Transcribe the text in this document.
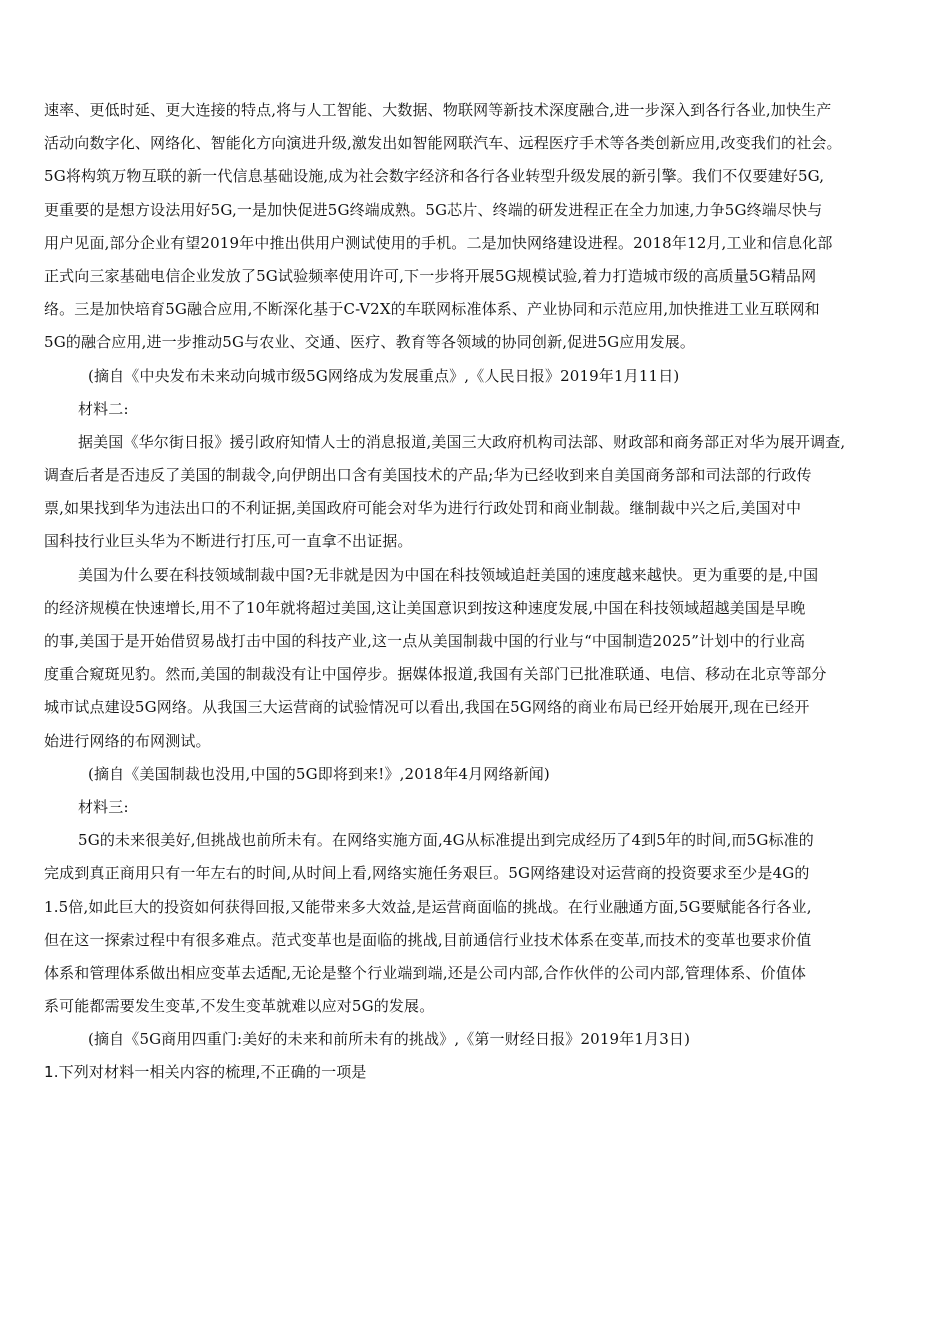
速率、更低时延、更大连接的特点,将与人工智能、大数据、物联网等新技术深度融合,进一步深入到各行各业,加快生产
活动向数字化、网络化、智能化方向演进升级,激发出如智能网联汽车、远程医疗手术等各类创新应用,改变我们的社会。
5G将构筑万物互联的新一代信息基础设施,成为社会数字经济和各行各业转型升级发展的新引擎。我们不仅要建好5G,
更重要的是想方设法用好5G,一是加快促进5G终端成熟。5G芯片、终端的研发进程正在全力加速,力争5G终端尽快与
用户见面,部分企业有望2019年中推出供用户测试使用的手机。二是加快网络建设进程。2018年12月,工业和信息化部
正式向三家基础电信企业发放了5G试验频率使用许可,下一步将开展5G规模试验,着力打造城市级的高质量5G精品网
络。三是加快培育5G融合应用,不断深化基于C-V2X的车联网标准体系、产业协同和示范应用,加快推进工业互联网和
5G的融合应用,进一步推动5G与农业、交通、医疗、教育等各领域的协同创新,促进5G应用发展。
(摘自《中央发布未来动向城市级5G网络成为发展重点》,《人民日报》2019年1月11日)
材料二:
据美国《华尔街日报》援引政府知情人士的消息报道,美国三大政府机构司法部、财政部和商务部正对华为展开调查,
调查后者是否违反了美国的制裁令,向伊朗出口含有美国技术的产品;华为已经收到来自美国商务部和司法部的行政传
票,如果找到华为违法出口的不利证据,美国政府可能会对华为进行行政处罚和商业制裁。继制裁中兴之后,美国对中
国科技行业巨头华为不断进行打压,可一直拿不出证据。
美国为什么要在科技领域制裁中国?无非就是因为中国在科技领域追赶美国的速度越来越快。更为重要的是,中国
的经济规模在快速增长,用不了10年就将超过美国,这让美国意识到按这种速度发展,中国在科技领域超越美国是早晚
的事,美国于是开始借贸易战打击中国的科技产业,这一点从美国制裁中国的行业与“中国制造2025”计划中的行业高
度重合窥斑见豹。然而,美国的制裁没有让中国停步。据媒体报道,我国有关部门已批准联通、电信、移动在北京等部分
城市试点建设5G网络。从我国三大运营商的试验情况可以看出,我国在5G网络的商业布局已经开始展开,现在已经开
始进行网络的布网测试。
(摘自《美国制裁也没用,中国的5G即将到来!》,2018年4月网络新闻)
材料三:
5G的未来很美好,但挑战也前所未有。在网络实施方面,4G从标准提出到完成经历了4到5年的时间,而5G标准的
完成到真正商用只有一年左右的时间,从时间上看,网络实施任务艰巨。5G网络建设对运营商的投资要求至少是4G的
1.5倍,如此巨大的投资如何获得回报,又能带来多大效益,是运营商面临的挑战。在行业融通方面,5G要赋能各行各业,
但在这一探索过程中有很多难点。范式变革也是面临的挑战,目前通信行业技术体系在变革,而技术的变革也要求价值
体系和管理体系做出相应变革去适配,无论是整个行业端到端,还是公司内部,合作伙伴的公司内部,管理体系、价值体
系可能都需要发生变革,不发生变革就难以应对5G的发展。
(摘自《5G商用四重门:美好的未来和前所未有的挑战》,《第一财经日报》2019年1月3日)
1.下列对材料一相关内容的梳理,不正确的一项是
